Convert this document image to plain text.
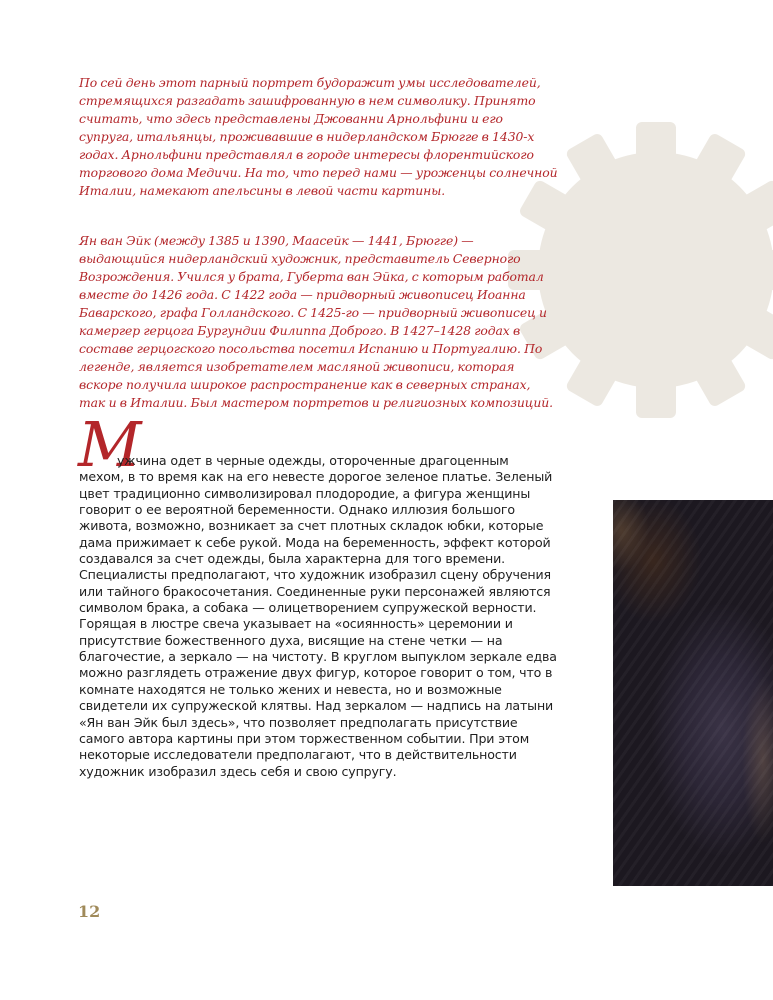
По сей день этот парный портрет будоражит умы исследователей, стремящихся разгадать зашифрованную в нем символику. Принято считать, что здесь представлены Джованни Арнольфини и его супруга, итальянцы, проживавшие в нидерландском Брюгге в 1430-х годах. Арнольфини представлял в городе интересы флорентийского торгового дома Медичи. На то, что перед нами — уроженцы солнечной Италии, намекают апельсины в левой части картины.

Ян ван Эйк (между 1385 и 1390, Маасейк — 1441, Брюгге) — выдающийся нидерландский художник, представитель Северного Возрождения. Учился у брата, Губерта ван Эйка, с которым работал вместе до 1426 года. С 1422 года — придворный живописец Иоанна Баварского, графа Голландского. С 1425-го — придворный живописец и камергер герцога Бургундии Филиппа Доброго. В 1427–1428 годах в составе герцогского посольства посетил Испанию и Португалию. По легенде, является изобретателем масляной живописи, которая вскоре получила широкое распространение как в северных странах, так и в Италии. Был мастером портретов и религиозных композиций.

М

ужчина одет в черные одежды, отороченные драгоценным
мехом, в то время как на его невесте дорогое зеленое платье. Зеленый цвет традиционно символизировал плодородие, а фигура женщины говорит о ее вероятной беременности. Однако иллюзия большого живота, возможно, возникает за счет плотных складок юбки, которые дама прижимает к себе рукой. Мода на беременность, эффект которой создавался за счет одежды, была характерна для того времени. Специалисты предполагают, что художник изобразил сцену обручения или тайного бракосочетания. Соединенные руки персонажей являются символом брака, а собака — олицетворением супружеской верности. Горящая в люстре свеча указывает на «осиянность» церемонии и присутствие божественного духа, висящие на стене четки — на благочестие, а зеркало — на чистоту. В круглом выпуклом зеркале едва можно разглядеть отражение двух фигур, которое говорит о том, что в комнате находятся не только жених и невеста, но и возможные свидетели их супружеской клятвы. Над зеркалом — надпись на латыни «Ян ван Эйк был здесь», что позволяет предполагать присутствие самого автора картины при этом торжественном событии. При этом некоторые исследователи предполагают, что в действительности художник изобразил здесь себя и свою супругу.

12
